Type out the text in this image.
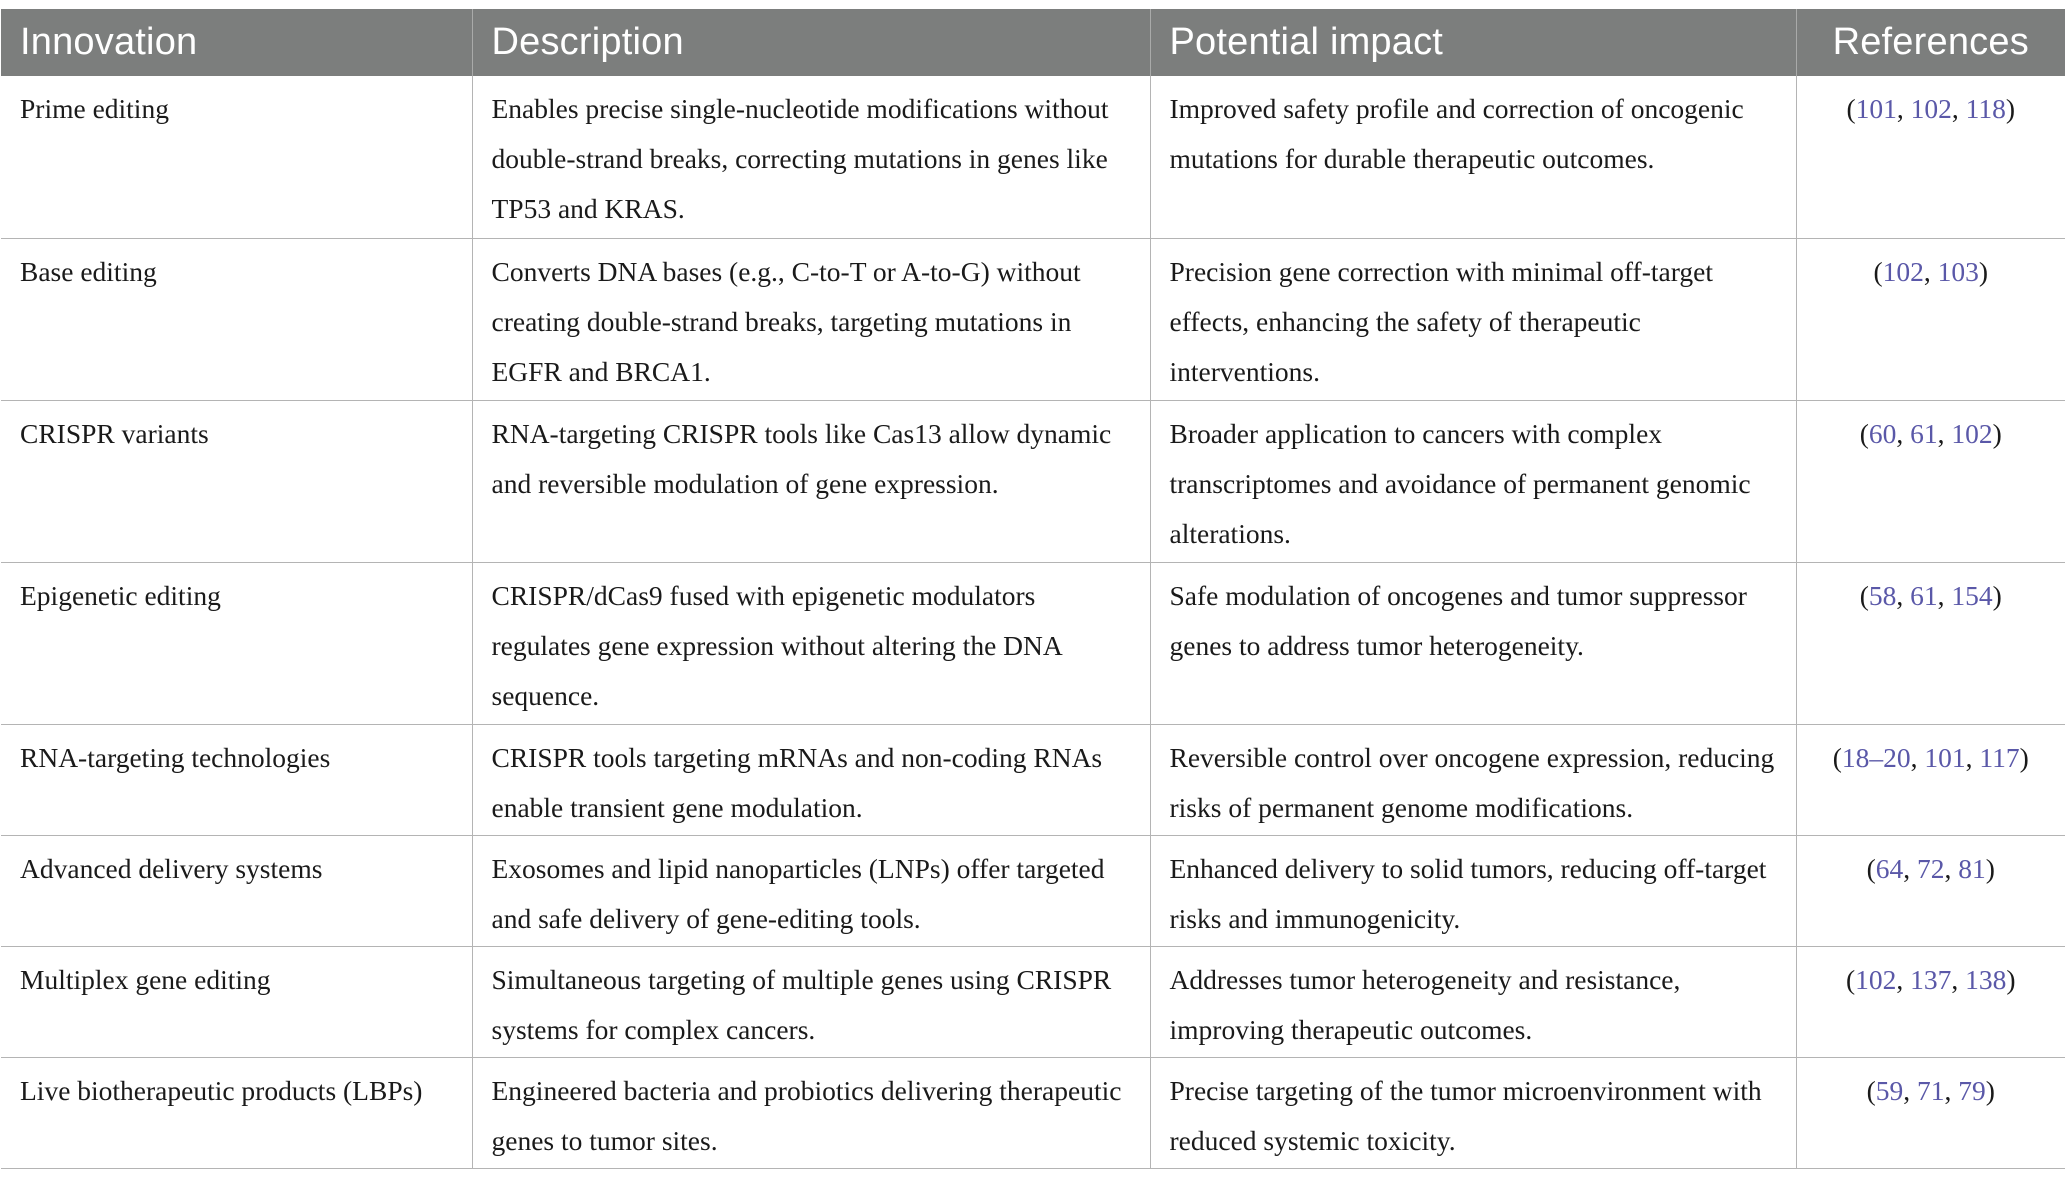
Innovation	Description	Potential impact	References
Prime editing	Enables precise single-nucleotide modifications without double-strand breaks, correcting mutations in genes like TP53 and KRAS.	Improved safety profile and correction of oncogenic mutations for durable therapeutic outcomes.	(101, 102, 118)
Base editing	Converts DNA bases (e.g., C-to-T or A-to-G) without creating double-strand breaks, targeting mutations in EGFR and BRCA1.	Precision gene correction with minimal off-target effects, enhancing the safety of therapeutic interventions.	(102, 103)
CRISPR variants	RNA-targeting CRISPR tools like Cas13 allow dynamic and reversible modulation of gene expression.	Broader application to cancers with complex transcriptomes and avoidance of permanent genomic alterations.	(60, 61, 102)
Epigenetic editing	CRISPR/dCas9 fused with epigenetic modulators regulates gene expression without altering the DNA sequence.	Safe modulation of oncogenes and tumor suppressor genes to address tumor heterogeneity.	(58, 61, 154)
RNA-targeting technologies	CRISPR tools targeting mRNAs and non-coding RNAs enable transient gene modulation.	Reversible control over oncogene expression, reducing risks of permanent genome modifications.	(18–20, 101, 117)
Advanced delivery systems	Exosomes and lipid nanoparticles (LNPs) offer targeted and safe delivery of gene-editing tools.	Enhanced delivery to solid tumors, reducing off-target risks and immunogenicity.	(64, 72, 81)
Multiplex gene editing	Simultaneous targeting of multiple genes using CRISPR systems for complex cancers.	Addresses tumor heterogeneity and resistance, improving therapeutic outcomes.	(102, 137, 138)
Live biotherapeutic products (LBPs)	Engineered bacteria and probiotics delivering therapeutic genes to tumor sites.	Precise targeting of the tumor microenvironment with reduced systemic toxicity.	(59, 71, 79)
